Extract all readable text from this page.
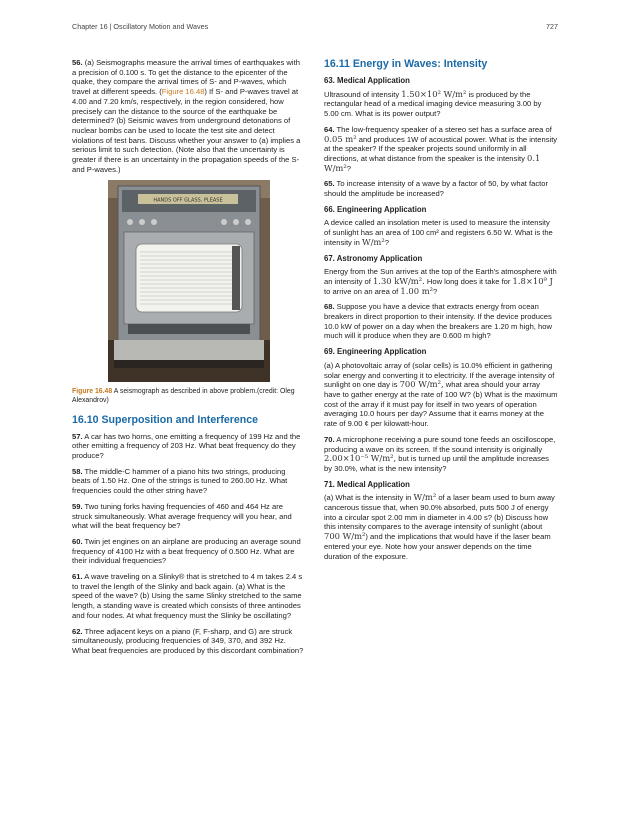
Chapter 16 | Oscillatory Motion and Waves	727

56. (a) Seismographs measure the arrival times of earthquakes with a precision of 0.100 s. To get the distance to the epicenter of the quake, they compare the arrival times of S- and P-waves, which travel at different speeds. (Figure 16.48) If S- and P-waves travel at 4.00 and 7.20 km/s, respectively, in the region considered, how precisely can the distance to the source of the earthquake be determined? (b) Seismic waves from underground detonations of nuclear bombs can be used to locate the test site and detect violations of test bans. Discuss whether your answer to (a) implies a serious limit to such detection. (Note also that the uncertainty is greater if there is an uncertainty in the propagation speeds of the S- and P-waves.)

HANDS OFF GLASS, PLEASE

Figure 16.48 A seismograph as described in above problem.(credit: Oleg Alexandrov)

16.10 Superposition and Interference

57. A car has two horns, one emitting a frequency of 199 Hz and the other emitting a frequency of 203 Hz. What beat frequency do they produce?

58. The middle-C hammer of a piano hits two strings, producing beats of 1.50 Hz. One of the strings is tuned to 260.00 Hz. What frequencies could the other string have?

59. Two tuning forks having frequencies of 460 and 464 Hz are struck simultaneously. What average frequency will you hear, and what will the beat frequency be?

60. Twin jet engines on an airplane are producing an average sound frequency of 4100 Hz with a beat frequency of 0.500 Hz. What are their individual frequencies?

61. A wave traveling on a Slinky® that is stretched to 4 m takes 2.4 s to travel the length of the Slinky and back again. (a) What is the speed of the wave? (b) Using the same Slinky stretched to the same length, a standing wave is created which consists of three antinodes and four nodes. At what frequency must the Slinky be oscillating?

62. Three adjacent keys on a piano (F, F-sharp, and G) are struck simultaneously, producing frequencies of 349, 370, and 392 Hz. What beat frequencies are produced by this discordant combination?

16.11 Energy in Waves: Intensity
63. Medical Application

Ultrasound of intensity 1.50×10² W/m² is produced by the rectangular head of a medical imaging device measuring 3.00 by 5.00 cm. What is its power output?

64. The low-frequency speaker of a stereo set has a surface area of 0.05 m² and produces 1W of acoustical power. What is the intensity at the speaker? If the speaker projects sound uniformly in all directions, at what distance from the speaker is the intensity 0.1 W/m²?

65. To increase intensity of a wave by a factor of 50, by what factor should the amplitude be increased?

66. Engineering Application

A device called an insolation meter is used to measure the intensity of sunlight has an area of 100 cm² and registers 6.50 W. What is the intensity in W/m²?

67. Astronomy Application

Energy from the Sun arrives at the top of the Earth's atmosphere with an intensity of 1.30 kW/m². How long does it take for 1.8×10⁹ J to arrive on an area of 1.00 m²?

68. Suppose you have a device that extracts energy from ocean breakers in direct proportion to their intensity. If the device produces 10.0 kW of power on a day when the breakers are 1.20 m high, how much will it produce when they are 0.600 m high?

69. Engineering Application

(a) A photovoltaic array of (solar cells) is 10.0% efficient in gathering solar energy and converting it to electricity. If the average intensity of sunlight on one day is 700 W/m², what area should your array have to gather energy at the rate of 100 W? (b) What is the maximum cost of the array if it must pay for itself in two years of operation averaging 10.0 hours per day? Assume that it earns money at the rate of 9.00 ¢ per kilowatt-hour.

70. A microphone receiving a pure sound tone feeds an oscilloscope, producing a wave on its screen. If the sound intensity is originally 2.00×10⁻⁵ W/m², but is turned up until the amplitude increases by 30.0%, what is the new intensity?

71. Medical Application

(a) What is the intensity in W/m² of a laser beam used to burn away cancerous tissue that, when 90.0% absorbed, puts 500 J of energy into a circular spot 2.00 mm in diameter in 4.00 s? (b) Discuss how this intensity compares to the average intensity of sunlight (about 700 W/m²) and the implications that would have if the laser beam entered your eye. Note how your answer depends on the time duration of the exposure.
